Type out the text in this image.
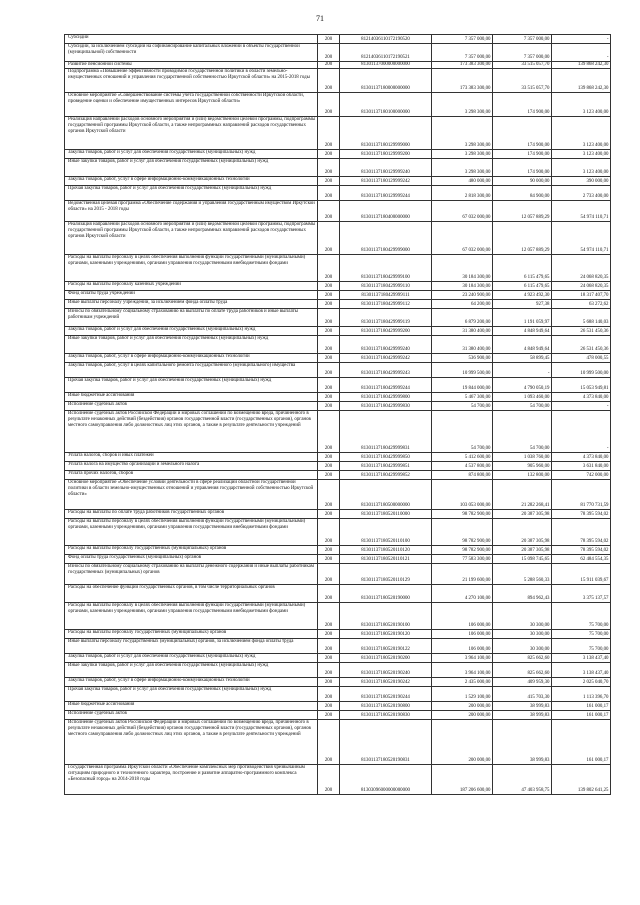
71
Субсидии	200	81214036110172190520	7 357 000,00	7 357 000,00	-
Субсидии, за исключением субсидий на софинансирование капитальных вложений в объекты государственной (муниципальной) собственности	200	81214036110172190521	7 357 000,00	7 357 000,00	-
Развитие пенсионной системы	200	81301137000000000000	173 383 300,00	33 515 057,70	139 868 242,30
Подпрограмма «Повышение эффективности проводимой государственной политики в области земельно-имущественных отношений и управления государственной собственностью Иркутской области» на 2015-2018 годы	200	81301137180000000000	173 383 300,00	33 515 057,70	139 868 242,30
Основное мероприятие «Совершенствование системы учета государственной собственности Иркутской области, проведение оценки и обеспечение имущественных интересов Иркутской области»	200	81301137180100000000	3 298 300,00	174 900,00	3 123 400,00
Реализация направлений расходов основного мероприятия и (или) ведомственной целевой программы, подпрограммы государственной программы Иркутской области, а также непрограммных направлений расходов государственных органов Иркутской области	200	81301137180129999000	3 298 300,00	174 900,00	3 123 400,00
Закупка товаров, работ и услуг для обеспечения государственных (муниципальных) нужд	200	81301137180129999200	3 298 300,00	174 900,00	3 123 400,00
Иные закупки товаров, работ и услуг для обеспечения государственных (муниципальных) нужд	200	81301137180129999240	3 298 300,00	174 900,00	3 123 400,00
Закупка товаров, работ, услуг в сфере информационно-коммуникационных технологий	200	81301137180129999242	480 000,00	90 000,00	390 000,00
Прочая закупка товаров, работ и услуг для обеспечения государственных (муниципальных) нужд	200	81301137180129999244	2 818 300,00	84 900,00	2 733 400,00
Ведомственная целевая программа «Обеспечение содержания и управления государственным имуществом Иркутской области» на 2015 - 2018 годы	200	81301137180400000000	67 032 000,00	12 057 889,29	54 974 110,71
Реализация направлений расходов основного мероприятия и (или) ведомственной целевой программы, подпрограммы государственной программы Иркутской области, а также непрограммных направлений расходов государственных органов Иркутской области	200	81301137180429999000	67 032 000,00	12 057 889,29	54 974 110,71
Расходы на выплаты персоналу в целях обеспечения выполнения функций государственными (муниципальными) органами, казенными учреждениями, органами управления государственными внебюджетными фондами	200	81301137180429999100	30 184 300,00	6 115 479,65	24 068 820,35
Расходы на выплаты персоналу казенных учреждений	200	81301137180429999110	30 184 300,00	6 115 479,65	24 068 820,35
Фонд оплаты труда учреждений	200	81301137180429999111	23 240 900,00	4 923 492,30	18 317 407,70
Иные выплаты персоналу учреждений, за исключением фонда оплаты труда	200	81301137180429999112	64 200,00	927,38	63 272,62
Взносы по обязательному социальному страхованию на выплаты по оплате труда работников и иные выплаты работникам учреждений	200	81301137180429999119	6 879 200,00	1 191 059,97	5 688 140,03
Закупка товаров, работ и услуг для обеспечения государственных (муниципальных) нужд	200	81301137180429999200	31 380 400,00	4 848 949,64	26 531 450,36
Иные закупки товаров, работ и услуг для обеспечения государственных (муниципальных) нужд	200	81301137180429999240	31 380 400,00	4 848 949,64	26 531 450,36
Закупка товаров, работ, услуг в сфере информационно-коммуникационных технологий	200	81301137180429999242	536 900,00	58 899,45	478 000,55
Закупка товаров, работ, услуг в целях капитального ремонта государственного (муниципального) имущества	200	81301137180429999243	10 999 500,00	-	10 999 500,00
Прочая закупка товаров, работ и услуг для обеспечения государственных (муниципальных) нужд	200	81301137180429999244	19 844 000,00	4 790 050,19	15 053 949,81
Иные бюджетные ассигнования	200	81301137180429999800	5 467 300,00	1 093 460,00	4 373 840,00
Исполнение судебных актов	200	81301137180429999830	54 700,00	54 700,00	-
Исполнение судебных актов Российской Федерации и мировых соглашений по возмещению вреда, причиненного в результате незаконных действий (бездействия) органов государственной власти (государственных органов), органов местного самоуправления либо должностных лиц этих органов, а также в результате деятельности учреждений	200	81301137180429999831	54 700,00	54 700,00	-
Уплата налогов, сборов и иных платежей	200	81301137180429999850	5 412 600,00	1 038 760,00	4 373 840,00
Уплата налога на имущество организаций и земельного налога	200	81301137180429999851	4 537 800,00	905 960,00	3 631 840,00
Уплата прочих налогов, сборов	200	81301137180429999852	874 800,00	132 800,00	742 000,00
Основное мероприятие «Обеспечение условий деятельности в сфере реализации областной государственной политики в области земельно-имущественных отношений и управления государственной собственностью Иркутской области»	200	81301137180500000000	103 053 000,00	21 282 268,41	81 770 731,59
Расходы на выплаты по оплате труда работников государственных органов	200	81301137180520110000	98 782 900,00	20 387 305,98	78 395 594,02
Расходы на выплаты персоналу в целях обеспечения выполнения функций государственными (муниципальными) органами, казенными учреждениями, органами управления государственными внебюджетными фондами	200	81301137180520110100	98 782 900,00	20 387 305,98	78 395 594,02
Расходы на выплаты персоналу государственных (муниципальных) органов	200	81301137180520110120	98 782 900,00	20 387 305,98	78 395 594,02
Фонд оплаты труда государственных (муниципальных) органов	200	81301137180520110121	77 583 300,00	15 098 745,65	62 484 554,35
Взносы по обязательному социальному страхованию на выплаты денежного содержания и иные выплаты работникам государственных (муниципальных) органов	200	81301137180520110129	21 199 600,00	5 288 560,33	15 911 039,67
Расходы на обеспечение функций государственных органов, в том числе территориальных органов	200	81301137180520190000	4 270 100,00	894 962,43	3 375 137,57
Расходы на выплаты персоналу в целях обеспечения выполнения функций государственными (муниципальными) органами, казенными учреждениями, органами управления государственными внебюджетными фондами	200	81301137180520190100	106 000,00	30 300,00	75 700,00
Расходы на выплаты персоналу государственных (муниципальных) органов	200	81301137180520190120	106 000,00	30 300,00	75 700,00
Иные выплаты персоналу государственных (муниципальных) органов, за исключением фонда оплаты труда	200	81301137180520190122	106 000,00	30 300,00	75 700,00
Закупка товаров, работ и услуг для обеспечения государственных (муниципальных) нужд	200	81301137180520190200	3 964 100,00	825 662,60	3 138 437,40
Иные закупки товаров, работ и услуг для обеспечения государственных (муниципальных) нужд	200	81301137180520190240	3 964 100,00	825 662,60	3 138 437,40
Закупка товаров, работ, услуг в сфере информационно-коммуникационных технологий	200	81301137180520190242	2 435 000,00	409 959,30	2 025 040,70
Прочая закупка товаров, работ и услуг для обеспечения государственных (муниципальных) нужд	200	81301137180520190244	1 529 100,00	415 703,30	1 113 396,70
Иные бюджетные ассигнования	200	81301137180520190800	200 000,00	38 999,83	161 000,17
Исполнение судебных актов	200	81301137180520190830	200 000,00	38 999,83	161 000,17
Исполнение судебных актов Российской Федерации и мировых соглашений по возмещению вреда, причиненного в результате незаконных действий (бездействия) органов государственной власти (государственных органов), органов местного самоуправления либо должностных лиц этих органов, а также в результате деятельности учреждений	200	81301137180520190831	200 000,00	38 999,83	161 000,17
Государственная программа Иркутской области «Обеспечение комплексных мер противодействия чрезвычайным ситуациям природного и техногенного характера, построение и развитие аппаратно-программного комплекса «Безопасный город» на 2014-2018 годы	200	81303096000000000000	187 206 600,00	47 403 958,75	139 802 641,25
